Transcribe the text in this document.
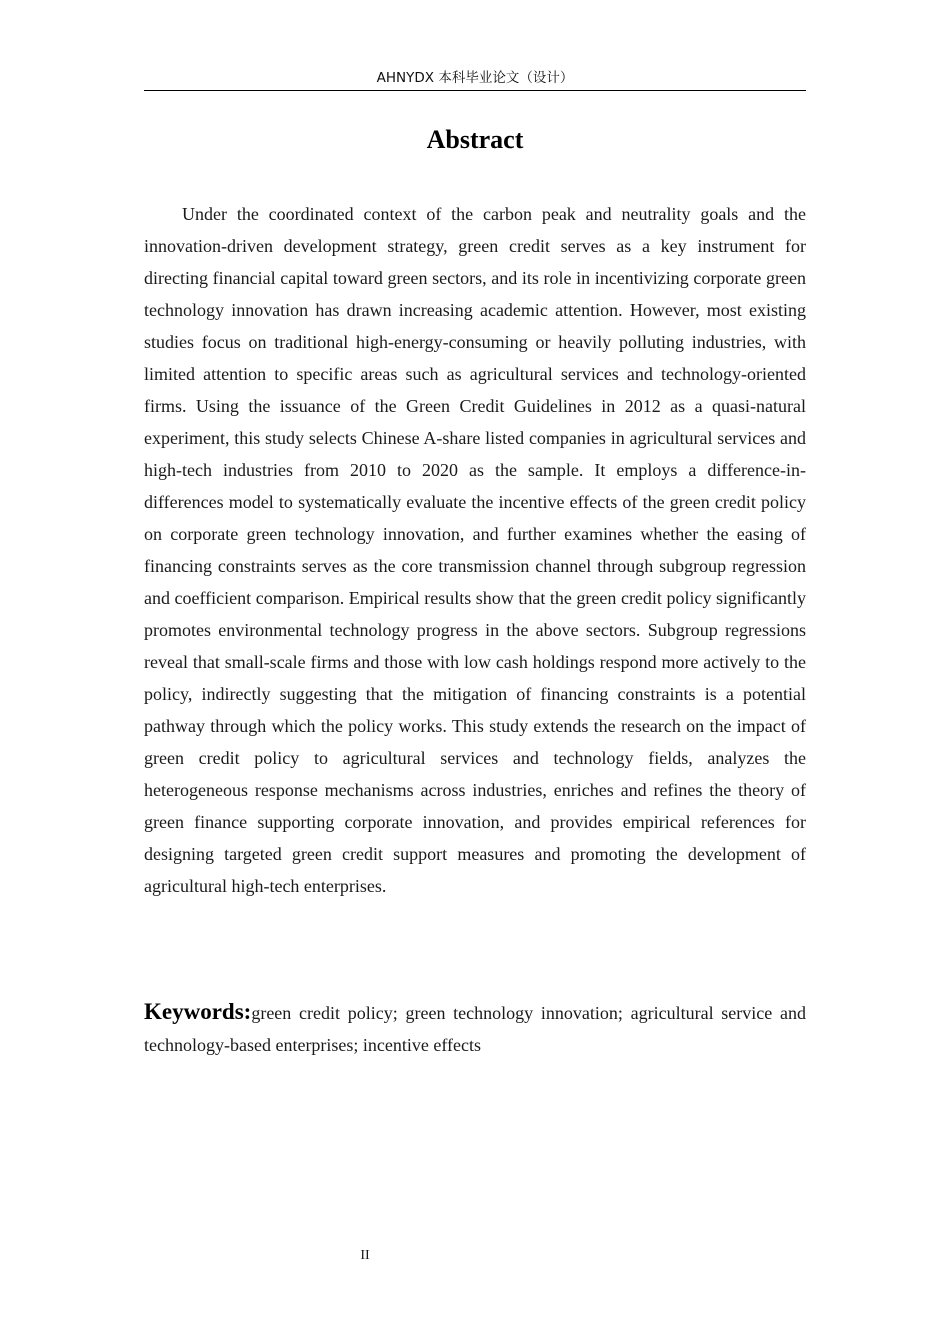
AHNYDX 本科毕业论文（设计）
Abstract

Under the coordinated context of the carbon peak and neutrality goals and the innovation-driven development strategy, green credit serves as a key instrument for directing financial capital toward green sectors, and its role in incentivizing corporate green technology innovation has drawn increasing academic attention. However, most existing studies focus on traditional high-energy-consuming or heavily polluting industries, with limited attention to specific areas such as agricultural services and technology-oriented firms. Using the issuance of the Green Credit Guidelines in 2012 as a quasi-natural experiment, this study selects Chinese A-share listed companies in agricultural services and high-tech industries from 2010 to 2020 as the sample. It employs a difference-in-differences model to systematically evaluate the incentive effects of the green credit policy on corporate green technology innovation, and further examines whether the easing of financing constraints serves as the core transmission channel through subgroup regression and coefficient comparison. Empirical results show that the green credit policy significantly promotes environmental technology progress in the above sectors. Subgroup regressions reveal that small-scale firms and those with low cash holdings respond more actively to the policy, indirectly suggesting that the mitigation of financing constraints is a potential pathway through which the policy works. This study extends the research on the impact of green credit policy to agricultural services and technology fields, analyzes the heterogeneous response mechanisms across industries, enriches and refines the theory of green finance supporting corporate innovation, and provides empirical references for designing targeted green credit support measures and promoting the development of agricultural high-tech enterprises.

Keywords:green credit policy; green technology innovation; agricultural service and technology-based enterprises; incentive effects

II
